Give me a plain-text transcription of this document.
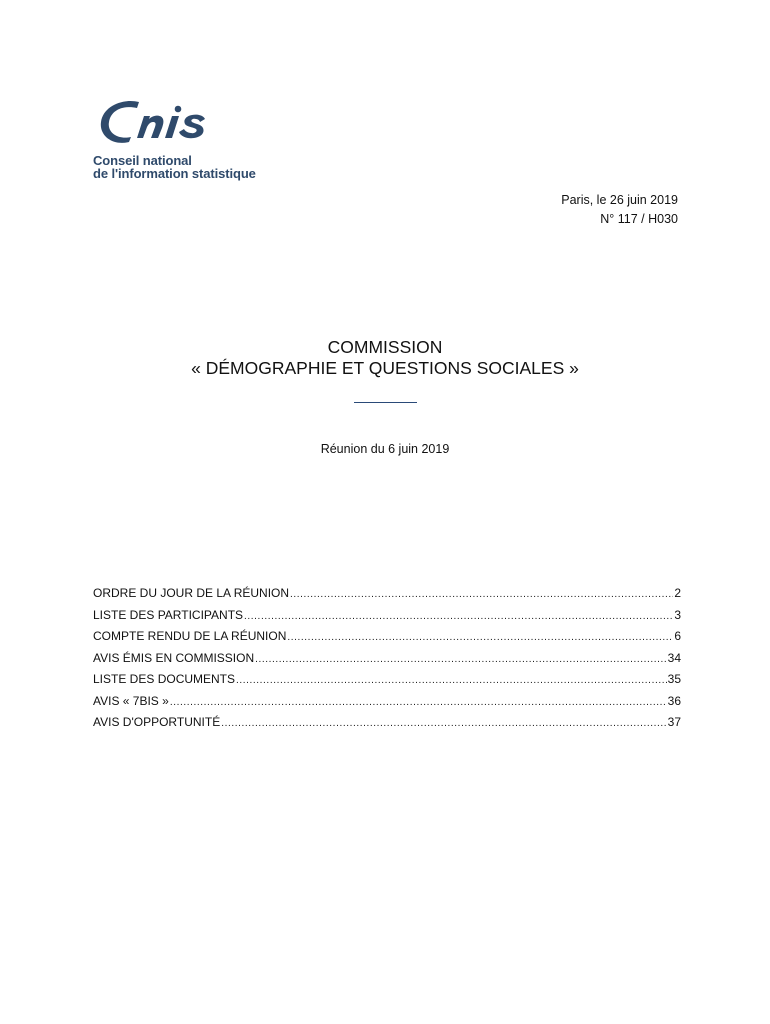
Conseil national
de l'information statistique
Paris, le 26 juin 2019
N° 117 / H030
COMMISSION
« DÉMOGRAPHIE ET QUESTIONS SOCIALES »
Réunion du 6 juin 2019
ORDRE DU JOUR DE LA RÉUNION .....	2
LISTE DES PARTICIPANTS .....	3
COMPTE RENDU DE LA RÉUNION .....	6
AVIS ÉMIS EN COMMISSION .....	34
LISTE DES DOCUMENTS .....	35
AVIS « 7BIS » .....	36
AVIS D'OPPORTUNITÉ .....	37
